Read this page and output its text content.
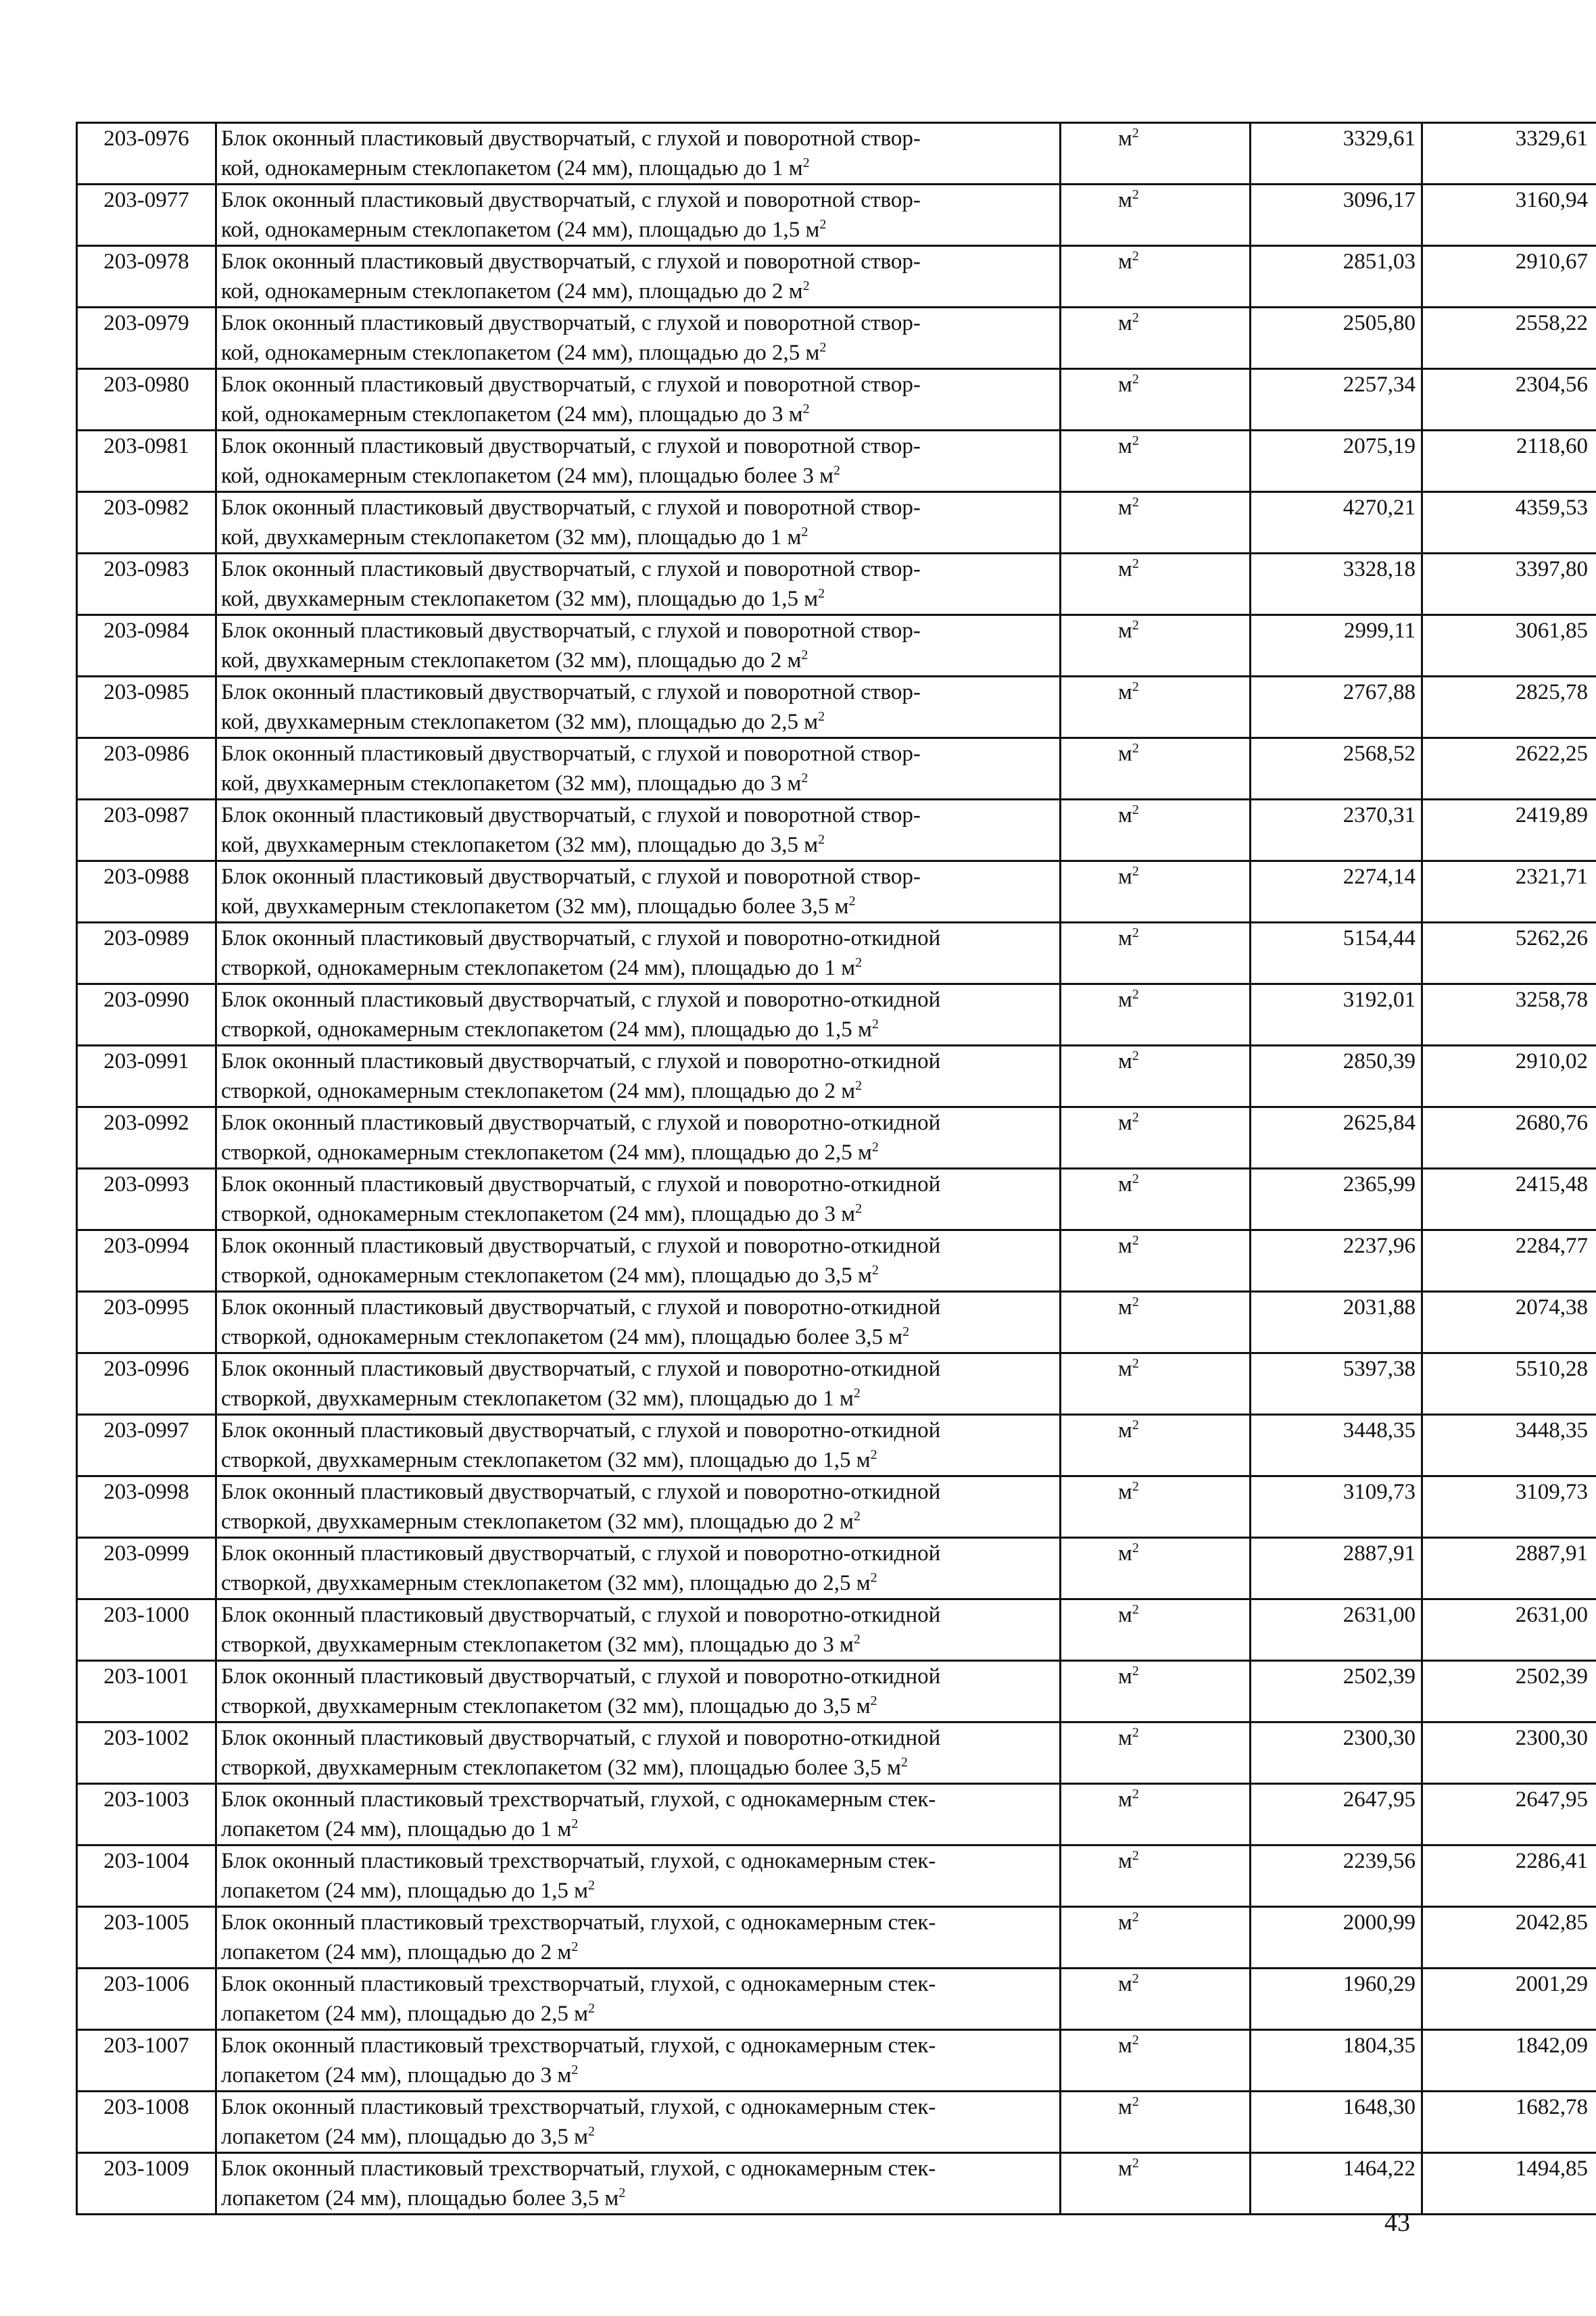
203-0976	Блок оконный пластиковый двустворчатый, с глухой и поворотной створ-
кой, однокамерным стеклопакетом (24 мм), площадью до 1 $м^2$	$м^2$	3329,61	3329,61
203-0977	Блок оконный пластиковый двустворчатый, с глухой и поворотной створ-
кой, однокамерным стеклопакетом (24 мм), площадью до 1,5 $м^2$	$м^2$	3096,17	3160,94
203-0978	Блок оконный пластиковый двустворчатый, с глухой и поворотной створ-
кой, однокамерным стеклопакетом (24 мм), площадью до 2 $м^2$	$м^2$	2851,03	2910,67
203-0979	Блок оконный пластиковый двустворчатый, с глухой и поворотной створ-
кой, однокамерным стеклопакетом (24 мм), площадью до 2,5 $м^2$	$м^2$	2505,80	2558,22
203-0980	Блок оконный пластиковый двустворчатый, с глухой и поворотной створ-
кой, однокамерным стеклопакетом (24 мм), площадью до 3 $м^2$	$м^2$	2257,34	2304,56
203-0981	Блок оконный пластиковый двустворчатый, с глухой и поворотной створ-
кой, однокамерным стеклопакетом (24 мм), площадью более 3 $м^2$	$м^2$	2075,19	2118,60
203-0982	Блок оконный пластиковый двустворчатый, с глухой и поворотной створ-
кой, двухкамерным стеклопакетом (32 мм), площадью до 1 $м^2$	$м^2$	4270,21	4359,53
203-0983	Блок оконный пластиковый двустворчатый, с глухой и поворотной створ-
кой, двухкамерным стеклопакетом (32 мм), площадью до 1,5 $м^2$	$м^2$	3328,18	3397,80
203-0984	Блок оконный пластиковый двустворчатый, с глухой и поворотной створ-
кой, двухкамерным стеклопакетом (32 мм), площадью до 2 $м^2$	$м^2$	2999,11	3061,85
203-0985	Блок оконный пластиковый двустворчатый, с глухой и поворотной створ-
кой, двухкамерным стеклопакетом (32 мм), площадью до 2,5 $м^2$	$м^2$	2767,88	2825,78
203-0986	Блок оконный пластиковый двустворчатый, с глухой и поворотной створ-
кой, двухкамерным стеклопакетом (32 мм), площадью до 3 $м^2$	$м^2$	2568,52	2622,25
203-0987	Блок оконный пластиковый двустворчатый, с глухой и поворотной створ-
кой, двухкамерным стеклопакетом (32 мм), площадью до 3,5 $м^2$	$м^2$	2370,31	2419,89
203-0988	Блок оконный пластиковый двустворчатый, с глухой и поворотной створ-
кой, двухкамерным стеклопакетом (32 мм), площадью более 3,5 $м^2$	$м^2$	2274,14	2321,71
203-0989	Блок оконный пластиковый двустворчатый, с глухой и поворотно-откидной
створкой, однокамерным стеклопакетом (24 мм), площадью до 1 $м^2$	$м^2$	5154,44	5262,26
203-0990	Блок оконный пластиковый двустворчатый, с глухой и поворотно-откидной
створкой, однокамерным стеклопакетом (24 мм), площадью до 1,5 $м^2$	$м^2$	3192,01	3258,78
203-0991	Блок оконный пластиковый двустворчатый, с глухой и поворотно-откидной
створкой, однокамерным стеклопакетом (24 мм), площадью до 2 $м^2$	$м^2$	2850,39	2910,02
203-0992	Блок оконный пластиковый двустворчатый, с глухой и поворотно-откидной
створкой, однокамерным стеклопакетом (24 мм), площадью до 2,5 $м^2$	$м^2$	2625,84	2680,76
203-0993	Блок оконный пластиковый двустворчатый, с глухой и поворотно-откидной
створкой, однокамерным стеклопакетом (24 мм), площадью до 3 $м^2$	$м^2$	2365,99	2415,48
203-0994	Блок оконный пластиковый двустворчатый, с глухой и поворотно-откидной
створкой, однокамерным стеклопакетом (24 мм), площадью до 3,5 $м^2$	$м^2$	2237,96	2284,77
203-0995	Блок оконный пластиковый двустворчатый, с глухой и поворотно-откидной
створкой, однокамерным стеклопакетом (24 мм), площадью более 3,5 $м^2$	$м^2$	2031,88	2074,38
203-0996	Блок оконный пластиковый двустворчатый, с глухой и поворотно-откидной
створкой, двухкамерным стеклопакетом (32 мм), площадью до 1 $м^2$	$м^2$	5397,38	5510,28
203-0997	Блок оконный пластиковый двустворчатый, с глухой и поворотно-откидной
створкой, двухкамерным стеклопакетом (32 мм), площадью до 1,5 $м^2$	$м^2$	3448,35	3448,35
203-0998	Блок оконный пластиковый двустворчатый, с глухой и поворотно-откидной
створкой, двухкамерным стеклопакетом (32 мм), площадью до 2 $м^2$	$м^2$	3109,73	3109,73
203-0999	Блок оконный пластиковый двустворчатый, с глухой и поворотно-откидной
створкой, двухкамерным стеклопакетом (32 мм), площадью до 2,5 $м^2$	$м^2$	2887,91	2887,91
203-1000	Блок оконный пластиковый двустворчатый, с глухой и поворотно-откидной
створкой, двухкамерным стеклопакетом (32 мм), площадью до 3 $м^2$	$м^2$	2631,00	2631,00
203-1001	Блок оконный пластиковый двустворчатый, с глухой и поворотно-откидной
створкой, двухкамерным стеклопакетом (32 мм), площадью до 3,5 $м^2$	$м^2$	2502,39	2502,39
203-1002	Блок оконный пластиковый двустворчатый, с глухой и поворотно-откидной
створкой, двухкамерным стеклопакетом (32 мм), площадью более 3,5 $м^2$	$м^2$	2300,30	2300,30
203-1003	Блок оконный пластиковый трехстворчатый, глухой, с однокамерным стек-
лопакетом (24 мм), площадью до 1 $м^2$	$м^2$	2647,95	2647,95
203-1004	Блок оконный пластиковый трехстворчатый, глухой, с однокамерным стек-
лопакетом (24 мм), площадью до 1,5 $м^2$	$м^2$	2239,56	2286,41
203-1005	Блок оконный пластиковый трехстворчатый, глухой, с однокамерным стек-
лопакетом (24 мм), площадью до 2 $м^2$	$м^2$	2000,99	2042,85
203-1006	Блок оконный пластиковый трехстворчатый, глухой, с однокамерным стек-
лопакетом (24 мм), площадью до 2,5 $м^2$	$м^2$	1960,29	2001,29
203-1007	Блок оконный пластиковый трехстворчатый, глухой, с однокамерным стек-
лопакетом (24 мм), площадью до 3 $м^2$	$м^2$	1804,35	1842,09
203-1008	Блок оконный пластиковый трехстворчатый, глухой, с однокамерным стек-
лопакетом (24 мм), площадью до 3,5 $м^2$	$м^2$	1648,30	1682,78
203-1009	Блок оконный пластиковый трехстворчатый, глухой, с однокамерным стек-
лопакетом (24 мм), площадью более 3,5 $м^2$	$м^2$	1464,22	1494,85
43
